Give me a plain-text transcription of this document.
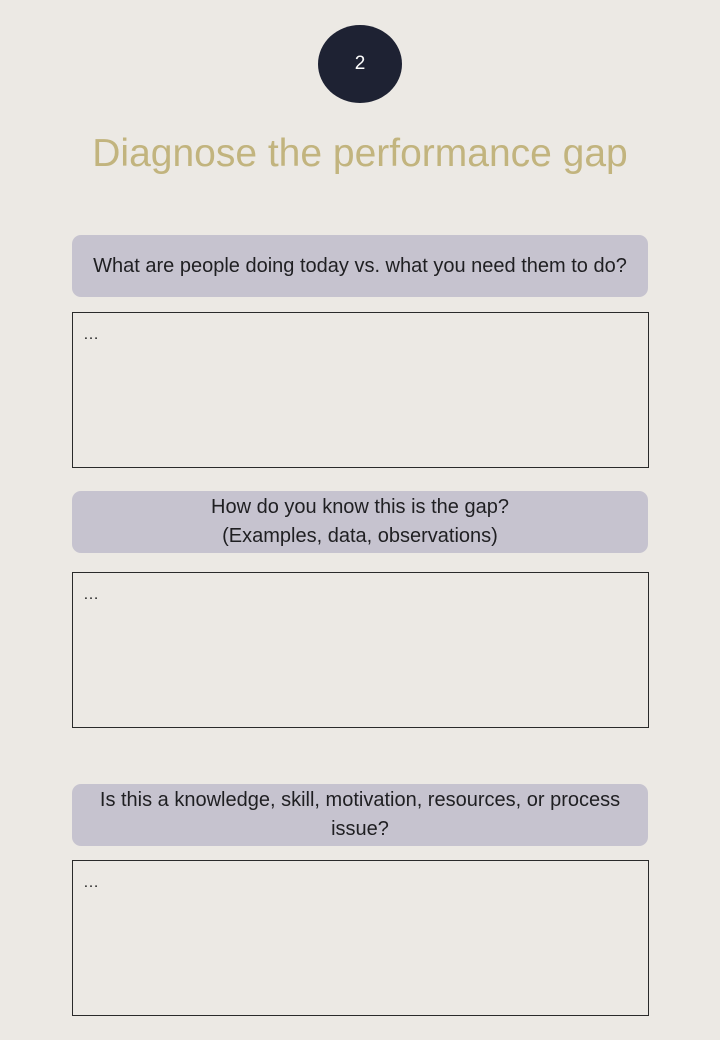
2
Diagnose the performance gap
What are people doing today vs. what you need them to do?
…
How do you know this is the gap?
(Examples, data, observations)
…
Is this a knowledge, skill, motivation, resources, or process issue?
…
